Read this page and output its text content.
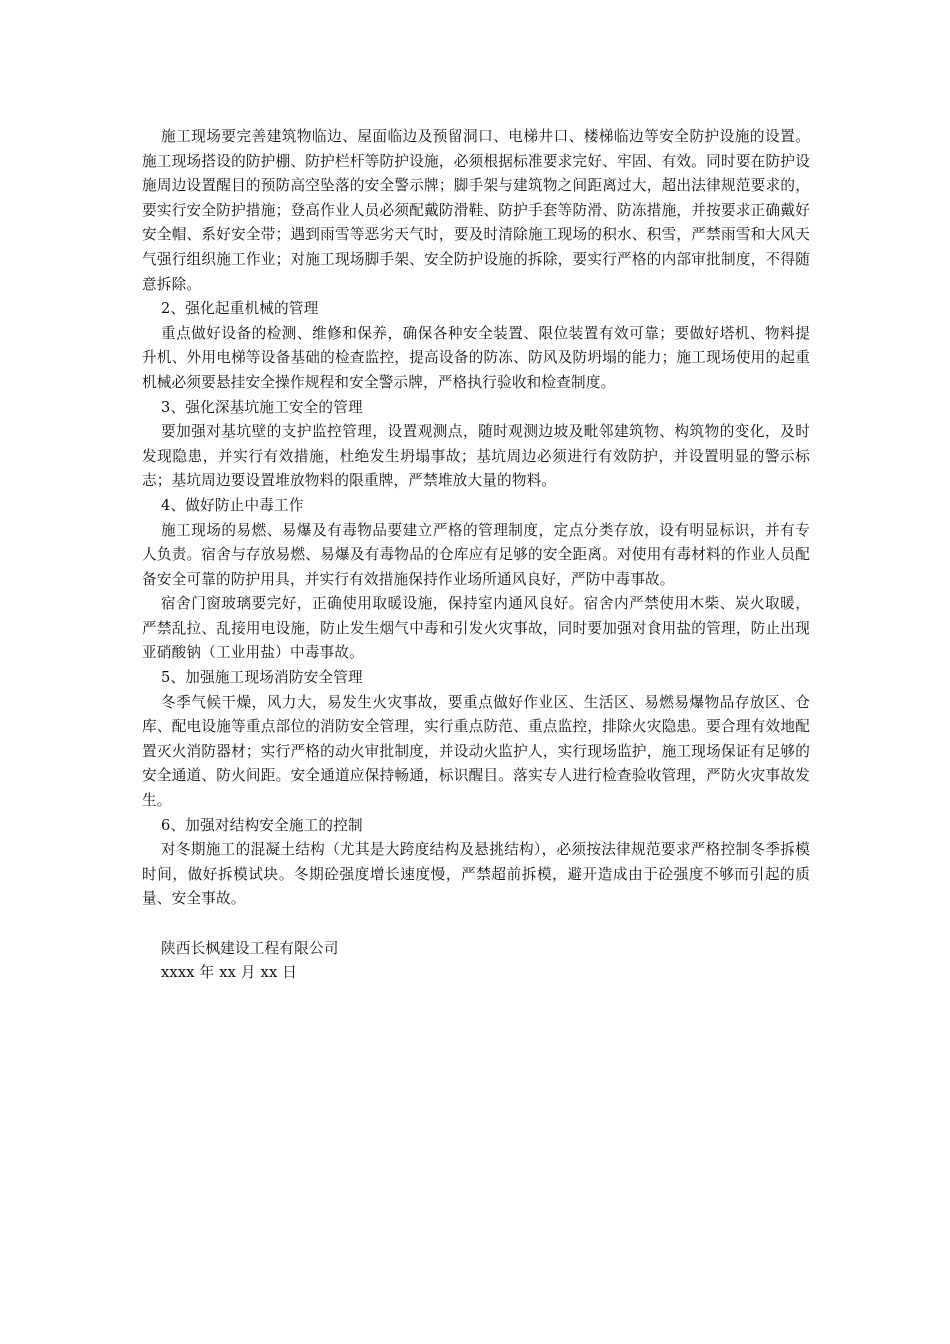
施工现场要完善建筑物临边、屋面临边及预留洞口、电梯井口、楼梯临边等安全防护设施的设置。施工现场搭设的防护棚、防护栏杆等防护设施，必须根据标准要求完好、牢固、有效。同时要在防护设施周边设置醒目的预防高空坠落的安全警示牌；脚手架与建筑物之间距离过大，超出法律规范要求的，要实行安全防护措施；登高作业人员必须配戴防滑鞋、防护手套等防滑、防冻措施，并按要求正确戴好安全帽、系好安全带；遇到雨雪等恶劣天气时，要及时清除施工现场的积水、积雪，严禁雨雪和大风天气强行组织施工作业；对施工现场脚手架、安全防护设施的拆除，要实行严格的内部审批制度，不得随意拆除。

2、强化起重机械的管理

重点做好设备的检测、维修和保养，确保各种安全装置、限位装置有效可靠；要做好塔机、物料提升机、外用电梯等设备基础的检查监控，提高设备的防冻、防风及防坍塌的能力；施工现场使用的起重机械必须要悬挂安全操作规程和安全警示牌，严格执行验收和检查制度。

3、强化深基坑施工安全的管理

要加强对基坑壁的支护监控管理，设置观测点，随时观测边坡及毗邻建筑物、构筑物的变化，及时发现隐患，并实行有效措施，杜绝发生坍塌事故；基坑周边必须进行有效防护，并设置明显的警示标志；基坑周边要设置堆放物料的限重牌，严禁堆放大量的物料。

4、做好防止中毒工作

施工现场的易燃、易爆及有毒物品要建立严格的管理制度，定点分类存放，设有明显标识，并有专人负责。宿舍与存放易燃、易爆及有毒物品的仓库应有足够的安全距离。对使用有毒材料的作业人员配备安全可靠的防护用具，并实行有效措施保持作业场所通风良好，严防中毒事故。

宿舍门窗玻璃要完好，正确使用取暖设施，保持室内通风良好。宿舍内严禁使用木柴、炭火取暖，严禁乱拉、乱接用电设施，防止发生烟气中毒和引发火灾事故，同时要加强对食用盐的管理，防止出现亚硝酸钠（工业用盐）中毒事故。

5、加强施工现场消防安全管理

冬季气候干燥，风力大，易发生火灾事故，要重点做好作业区、生活区、易燃易爆物品存放区、仓库、配电设施等重点部位的消防安全管理，实行重点防范、重点监控，排除火灾隐患。要合理有效地配置灭火消防器材；实行严格的动火审批制度，并设动火监护人，实行现场监护，施工现场保证有足够的安全通道、防火间距。安全通道应保持畅通，标识醒目。落实专人进行检查验收管理，严防火灾事故发生。

6、加强对结构安全施工的控制

对冬期施工的混凝土结构（尤其是大跨度结构及悬挑结构），必须按法律规范要求严格控制冬季拆模时间，做好拆模试块。冬期砼强度增长速度慢，严禁超前拆模，避开造成由于砼强度不够而引起的质量、安全事故。

陕西长枫建设工程有限公司

xxxx 年 xx 月 xx 日
